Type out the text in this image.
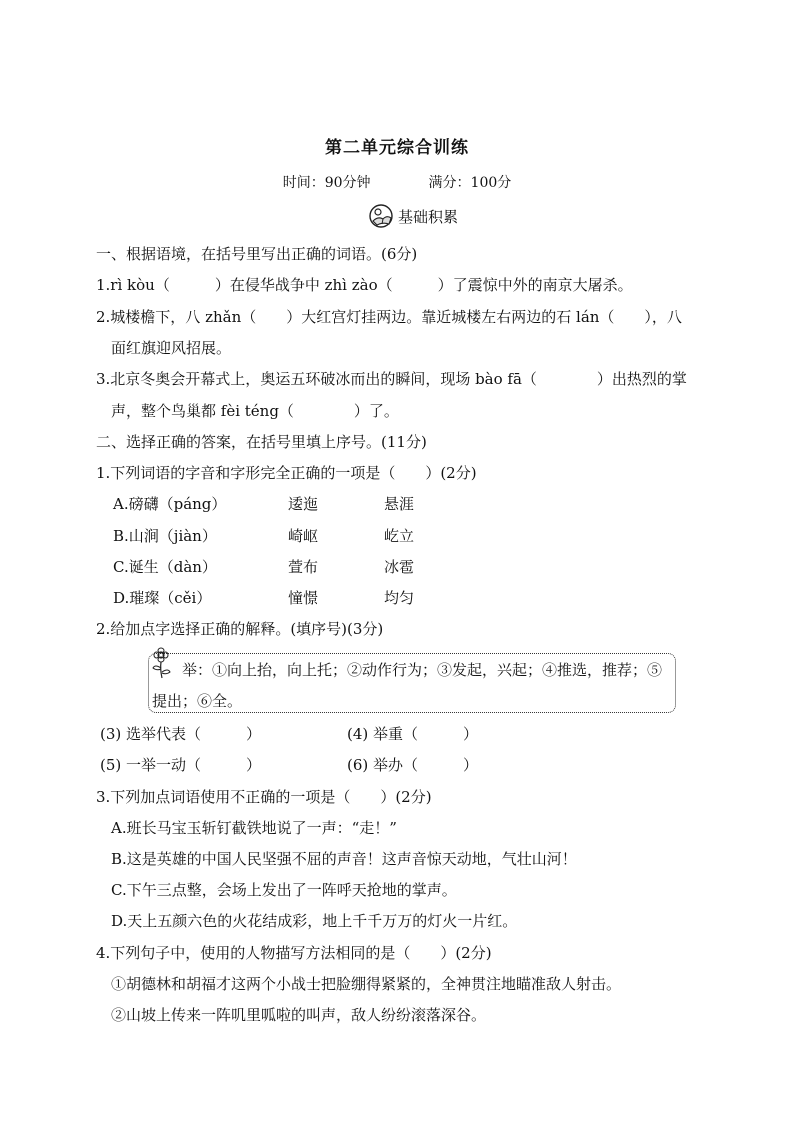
第二单元综合训练
时间：90分钟	满分：100分
基础积累
一、根据语境，在括号里写出正确的词语。(6分)
1.rì kòu（　　　）在侵华战争中 zhì zào（　　　）了震惊中外的南京大屠杀。
2.城楼檐下，八 zhǎn（　　）大红宫灯挂两边。靠近城楼左右两边的石 lán（　　），八
面红旗迎风招展。
3.北京冬奥会开幕式上，奥运五环破冰而出的瞬间，现场 bào fā（　　　　）出热烈的掌
声，整个鸟巢都 fèi téng（　　　　）了。
二、选择正确的答案，在括号里填上序号。(11分)
1.下列词语的字音和字形完全正确的一项是（　　）(2分)
A.磅礴（páng）	逶迤	悬涯
B.山涧（jiàn）	崎岖	屹立
C.诞生（dàn）	萱布	冰雹
D.璀璨（cěi）	憧憬	均匀
2.给加点字选择正确的解释。(填序号)(3分)
举：①向上抬，向上托；②动作行为；③发起，兴起；④推选，推荐；⑤
提出；⑥全。
(3) 选举代表（　　　）	(4) 举重（　　　）
(5) 一举一动（　　　）	(6) 举办（　　　）
3.下列加点词语使用不正确的一项是（　　）(2分)
A.班长马宝玉斩钉截铁地说了一声：“走！”
B.这是英雄的中国人民坚强不屈的声音！这声音惊天动地，气壮山河！
C.下午三点整，会场上发出了一阵呼天抢地的掌声。
D.天上五颜六色的火花结成彩，地上千千万万的灯火一片红。
4.下列句子中，使用的人物描写方法相同的是（　　）(2分)
①胡德林和胡福才这两个小战士把脸绷得紧紧的，全神贯注地瞄准敌人射击。
②山坡上传来一阵叽里呱啦的叫声，敌人纷纷滚落深谷。
